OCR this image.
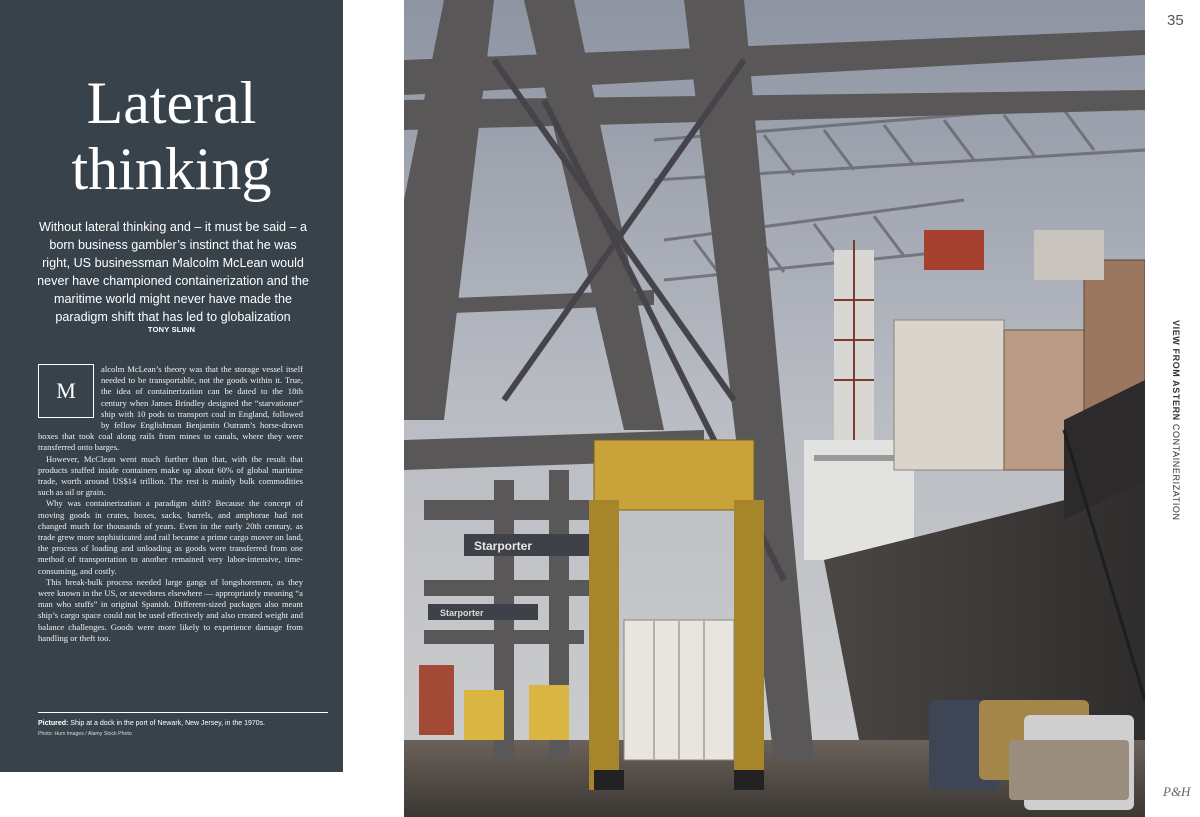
Lateral
thinking

Without lateral thinking and – it must be said – a born business gambler’s instinct that he was right, US businessman Malcolm McLean would never have championed containerization and the maritime world might never have made the paradigm shift that has led to globalization

TONY SLINN
M

alcolm McLean’s theory was that the storage vessel itself needed to be transportable, not the goods within it. True, the idea of containerization can be dated to the 18th century when James Brindley designed the “starvationer” ship with 10 pods to transport coal in England, followed by fellow Englishman Benjamin Outram’s horse-drawn boxes that took coal along rails from mines to canals, where they were transferred onto barges.

However, McClean went much further than that, with the result that products stuffed inside containers make up about 60% of global maritime trade, worth around US$14 trillion. The rest is mainly bulk commodities such as oil or grain.

Why was containerization a paradigm shift? Because the concept of moving goods in crates, boxes, sacks, barrels, and amphorae had not changed much for thousands of years. Even in the early 20th century, as trade grew more sophisticated and rail became a prime cargo mover on land, the process of loading and unloading as goods were transferred from one method of transportation to another remained very labor-intensive, time-consuming, and costly.

This break-bulk process needed large gangs of longshoremen, as they were known in the US, or stevedores elsewhere — appropriately meaning “a man who stuffs” in original Spanish. Different-sized packages also meant ship’s cargo space could not be used effectively and also created weight and balance challenges. Goods were more likely to experience damage from handling or theft too.

Pictured: Ship at a dock in the port of Newark, New Jersey, in the 1970s.
Photo: Hum Images / Alamy Stock Photo
Starporter
Starporter
35
VIEW FROM ASTERN CONTAINERIZATION
P&H
